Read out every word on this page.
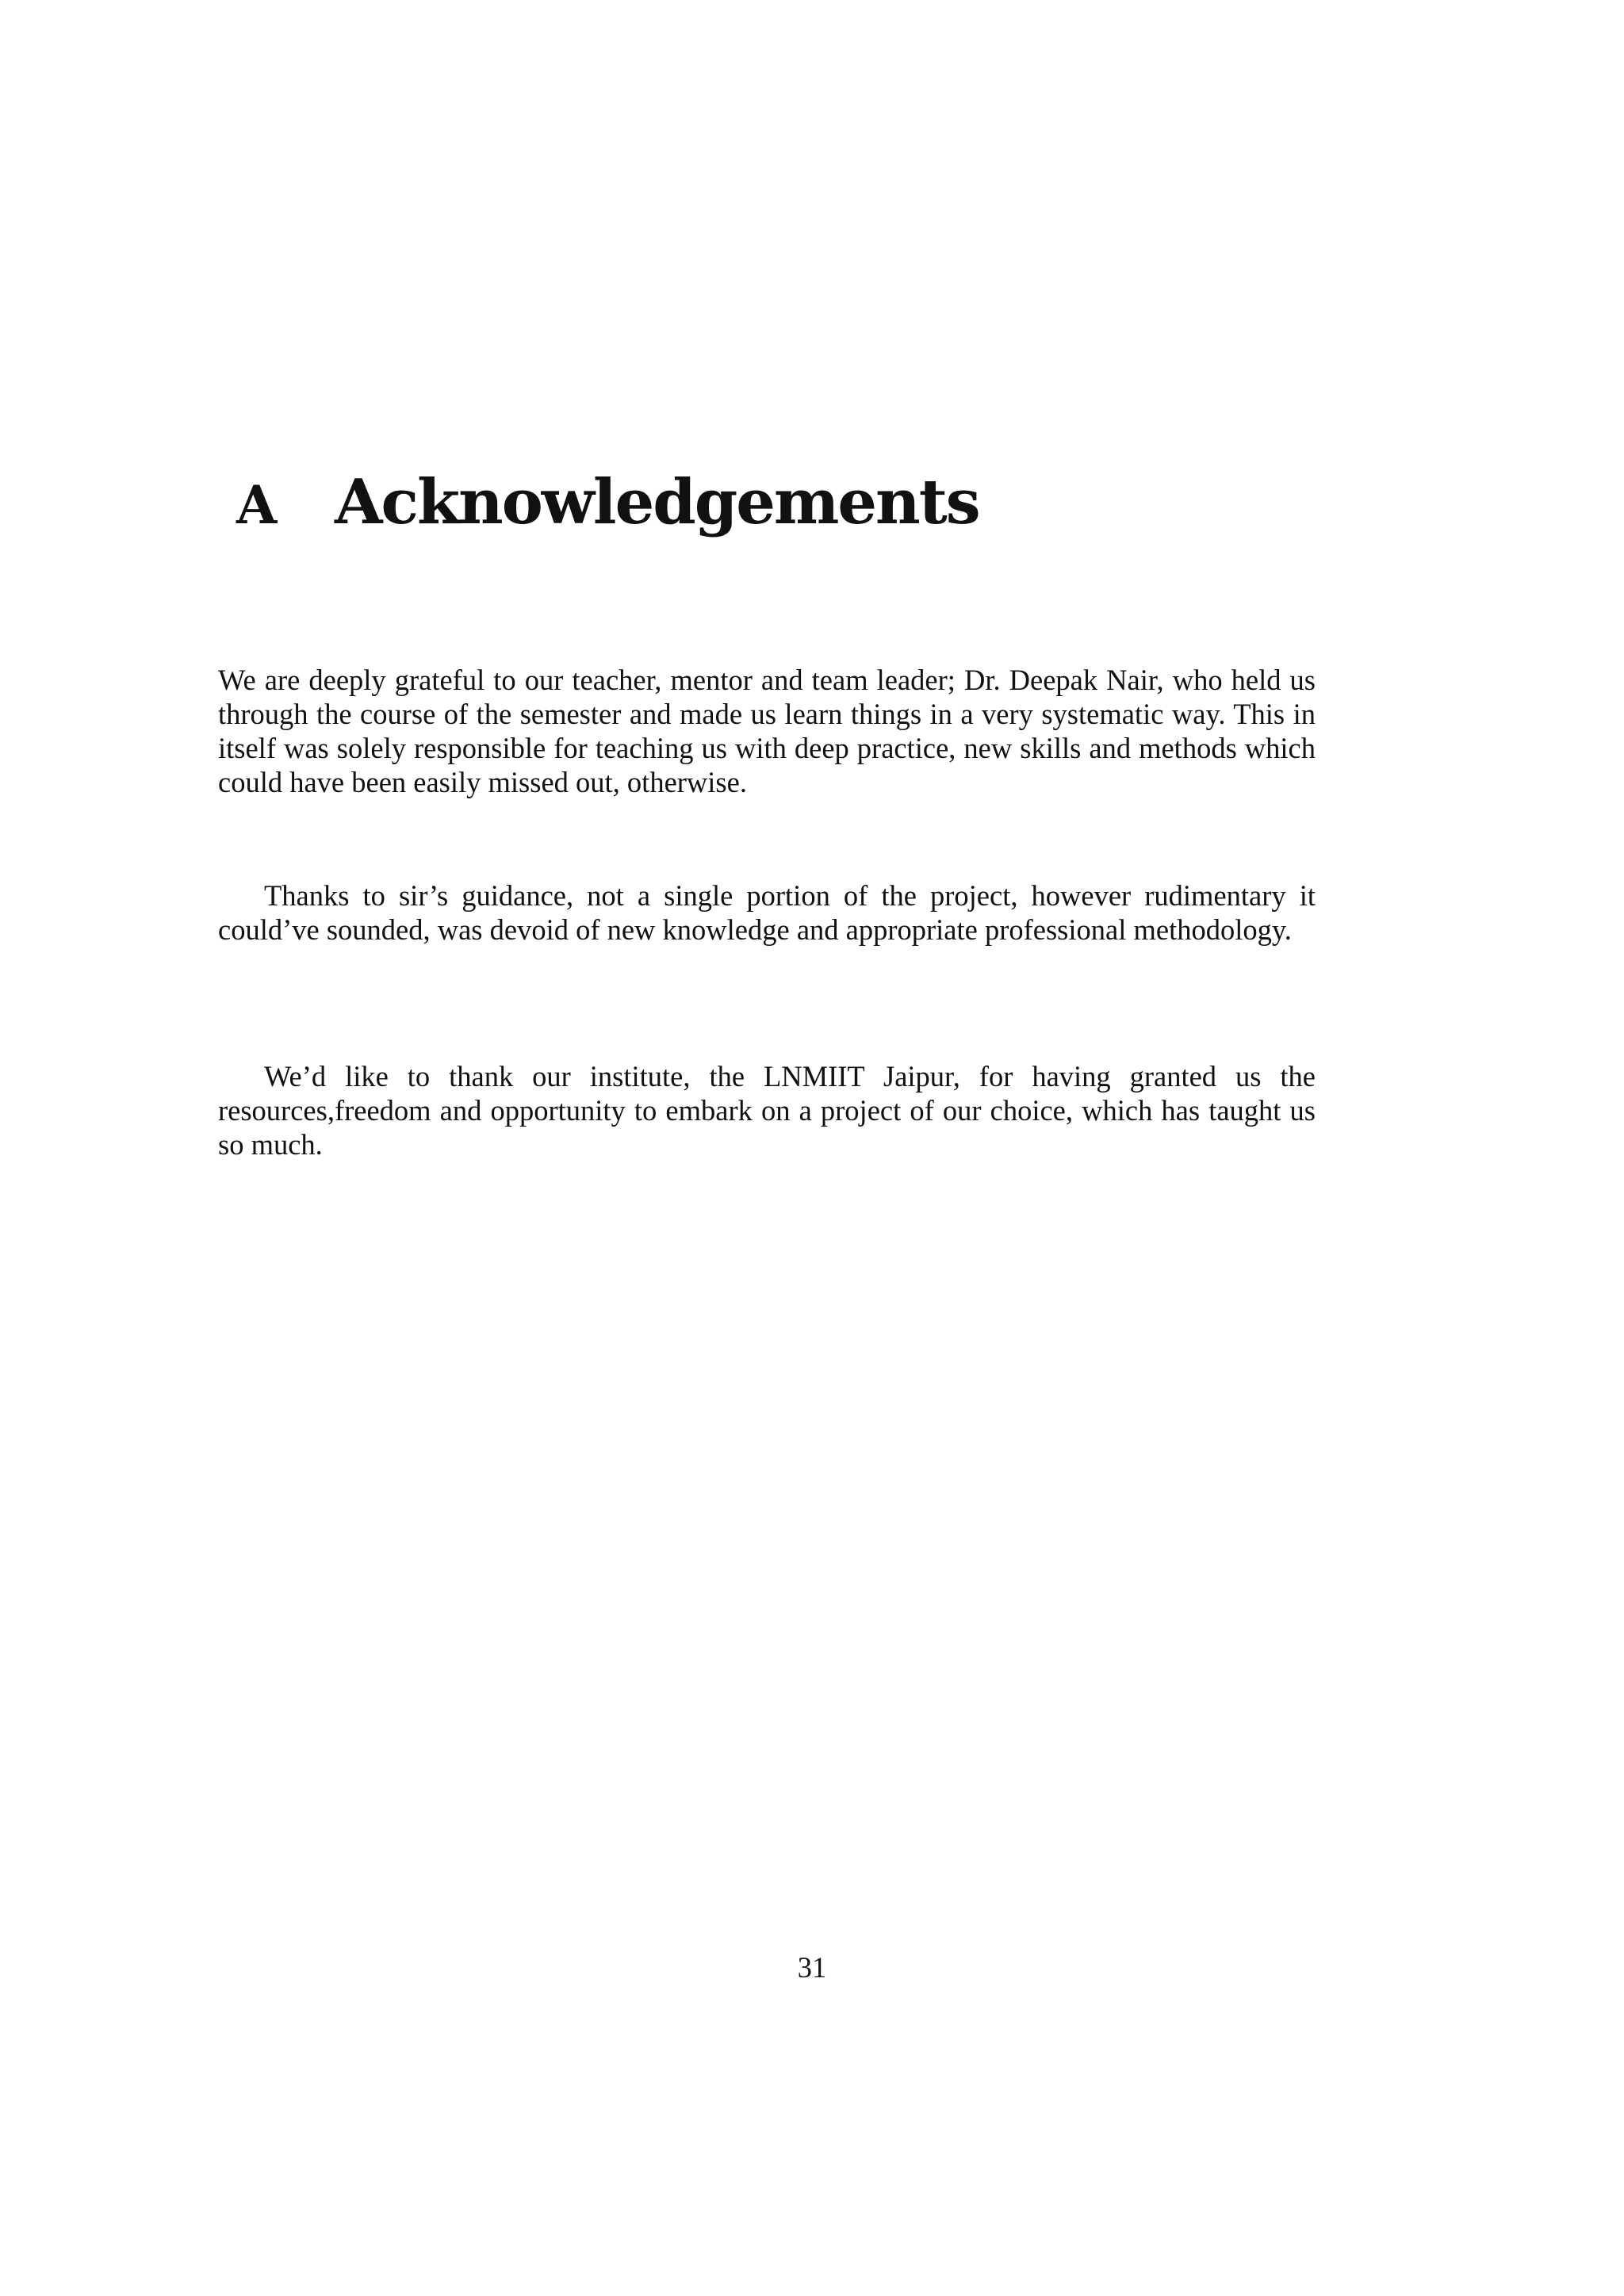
A Acknowledgements

We are deeply grateful to our teacher, mentor and team leader; Dr. Deepak Nair, who held us through the course of the semester and made us learn things in a very systematic way. This in itself was solely responsible for teaching us with deep practice, new skills and methods which could have been easily missed out, otherwise.

Thanks to sir’s guidance, not a single portion of the project, however rudimentary it could’ve sounded, was devoid of new knowledge and appropriate professional methodology.

We’d like to thank our institute, the LNMIIT Jaipur, for having granted us the resources,freedom and opportunity to embark on a project of our choice, which has taught us so much.

31
